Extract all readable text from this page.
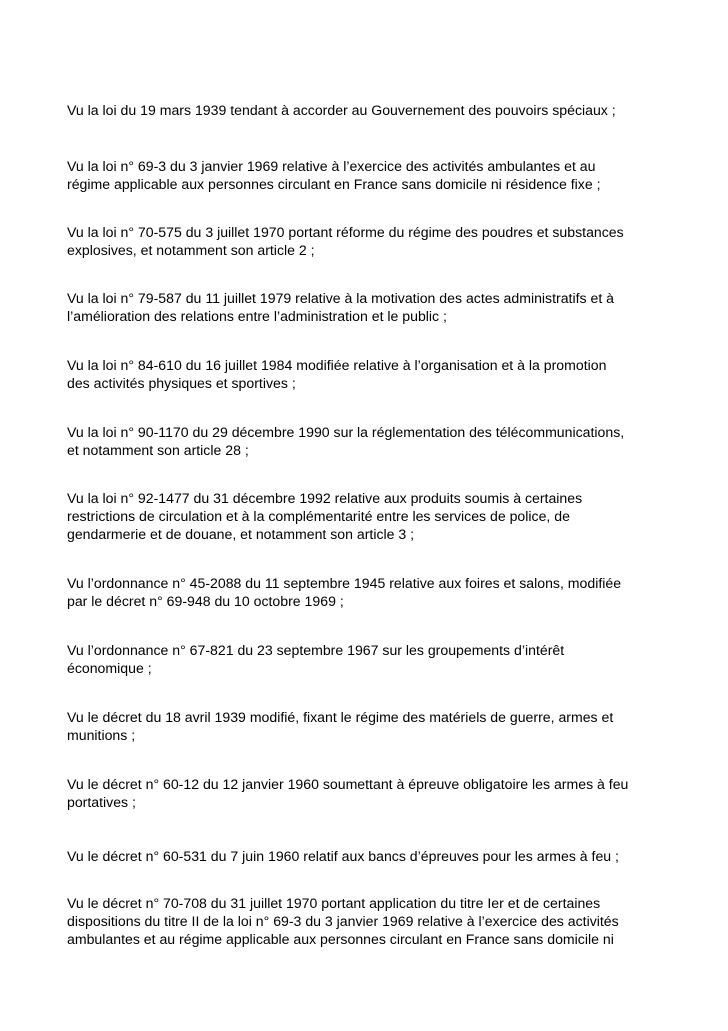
Vu la loi du 19 mars 1939 tendant à accorder au Gouvernement des pouvoirs spéciaux ;

Vu la loi n° 69-3 du 3 janvier 1969 relative à l’exercice des activités ambulantes et au
régime applicable aux personnes circulant en France sans domicile ni résidence fixe ;

Vu la loi n° 70-575 du 3 juillet 1970 portant réforme du régime des poudres et substances
explosives, et notamment son article 2 ;

Vu la loi n° 79-587 du 11 juillet 1979 relative à la motivation des actes administratifs et à
l’amélioration des relations entre l’administration et le public ;

Vu la loi n° 84-610 du 16 juillet 1984 modifiée relative à l’organisation et à la promotion
des activités physiques et sportives ;

Vu la loi n° 90-1170 du 29 décembre 1990 sur la réglementation des télécommunications,
et notamment son article 28 ;

Vu la loi n° 92-1477 du 31 décembre 1992 relative aux produits soumis à certaines
restrictions de circulation et à la complémentarité entre les services de police, de
gendarmerie et de douane, et notamment son article 3 ;

Vu l’ordonnance n° 45-2088 du 11 septembre 1945 relative aux foires et salons, modifiée
par le décret n° 69-948 du 10 octobre 1969 ;

Vu l’ordonnance n° 67-821 du 23 septembre 1967 sur les groupements d’intérêt
économique ;

Vu le décret du 18 avril 1939 modifié, fixant le régime des matériels de guerre, armes et
munitions ;

Vu le décret n° 60-12 du 12 janvier 1960 soumettant à épreuve obligatoire les armes à feu
portatives ;

Vu le décret n° 60-531 du 7 juin 1960 relatif aux bancs d’épreuves pour les armes à feu ;

Vu le décret n° 70-708 du 31 juillet 1970 portant application du titre Ier et de certaines
dispositions du titre II de la loi n° 69-3 du 3 janvier 1969 relative à l’exercice des activités
ambulantes et au régime applicable aux personnes circulant en France sans domicile ni
